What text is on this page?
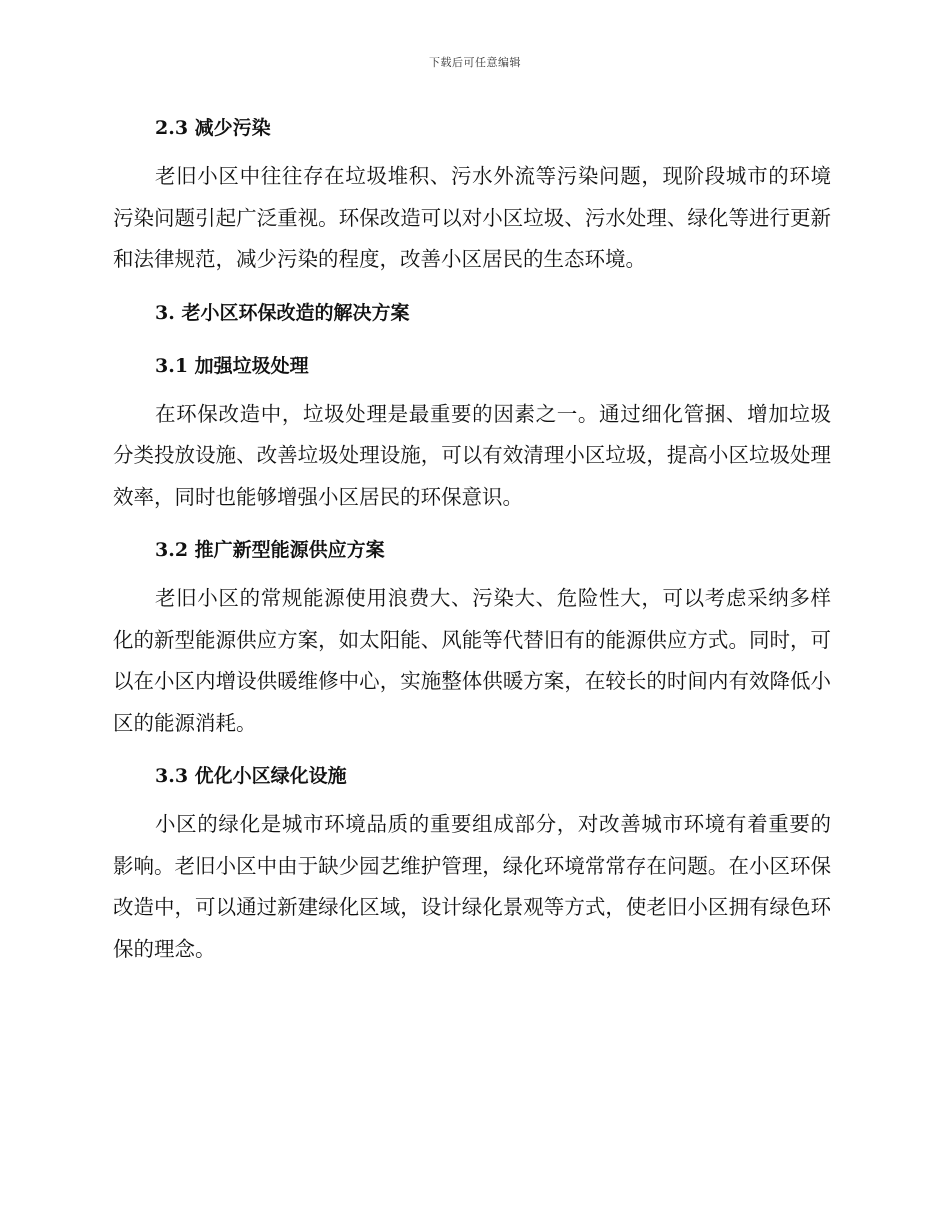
下载后可任意编辑
2.3 减少污染

老旧小区中往往存在垃圾堆积、污水外流等污染问题，现阶段城市的环境污染问题引起广泛重视。环保改造可以对小区垃圾、污水处理、绿化等进行更新和法律规范，减少污染的程度，改善小区居民的生态环境。

3. 老小区环保改造的解决方案
3.1 加强垃圾处理

在环保改造中，垃圾处理是最重要的因素之一。通过细化管捆、增加垃圾分类投放设施、改善垃圾处理设施，可以有效清理小区垃圾，提高小区垃圾处理效率，同时也能够增强小区居民的环保意识。

3.2 推广新型能源供应方案

老旧小区的常规能源使用浪费大、污染大、危险性大，可以考虑采纳多样化的新型能源供应方案，如太阳能、风能等代替旧有的能源供应方式。同时，可以在小区内增设供暖维修中心，实施整体供暖方案，在较长的时间内有效降低小区的能源消耗。

3.3 优化小区绿化设施

小区的绿化是城市环境品质的重要组成部分，对改善城市环境有着重要的影响。老旧小区中由于缺少园艺维护管理，绿化环境常常存在问题。在小区环保改造中，可以通过新建绿化区域，设计绿化景观等方式，使老旧小区拥有绿色环保的理念。
